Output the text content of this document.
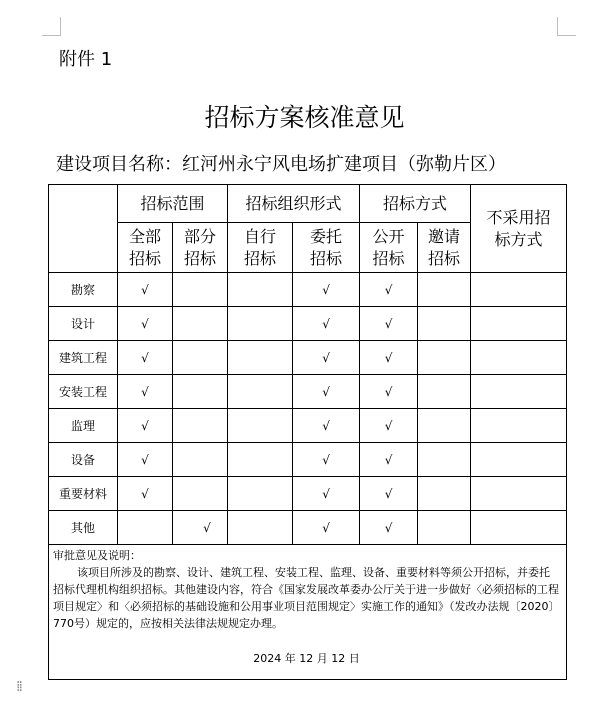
⁞⁞
附件 1
招标方案核准意见
建设项目名称：红河州永宁风电场扩建项目（弥勒片区）
	招标范围		招标组织形式		招标方式		不采用招标方式
	全部招标	部分招标	自行招标	委托招标	公开招标	邀请招标	
勘察	√			√	√		
设计	√			√	√		
建筑工程	√			√	√		
安装工程	√			√	√		
监理	√			√	√		
设备	√			√	√		
重要材料	√			√	√		
其他		√		√	√		

审批意见及说明：
该项目所涉及的勘察、设计、建筑工程、安装工程、监理、设备、重要材料等须公开招标，并委托招标代理机构组织招标。其他建设内容，符合《国家发展改革委办公厅关于进一步做好〈必须招标的工程项目规定〉和〈必须招标的基础设施和公用事业项目范围规定〉实施工作的通知》（发改办法规〔2020〕770号）规定的，应按相关法律法规规定办理。
2024 年 12 月 12 日							
